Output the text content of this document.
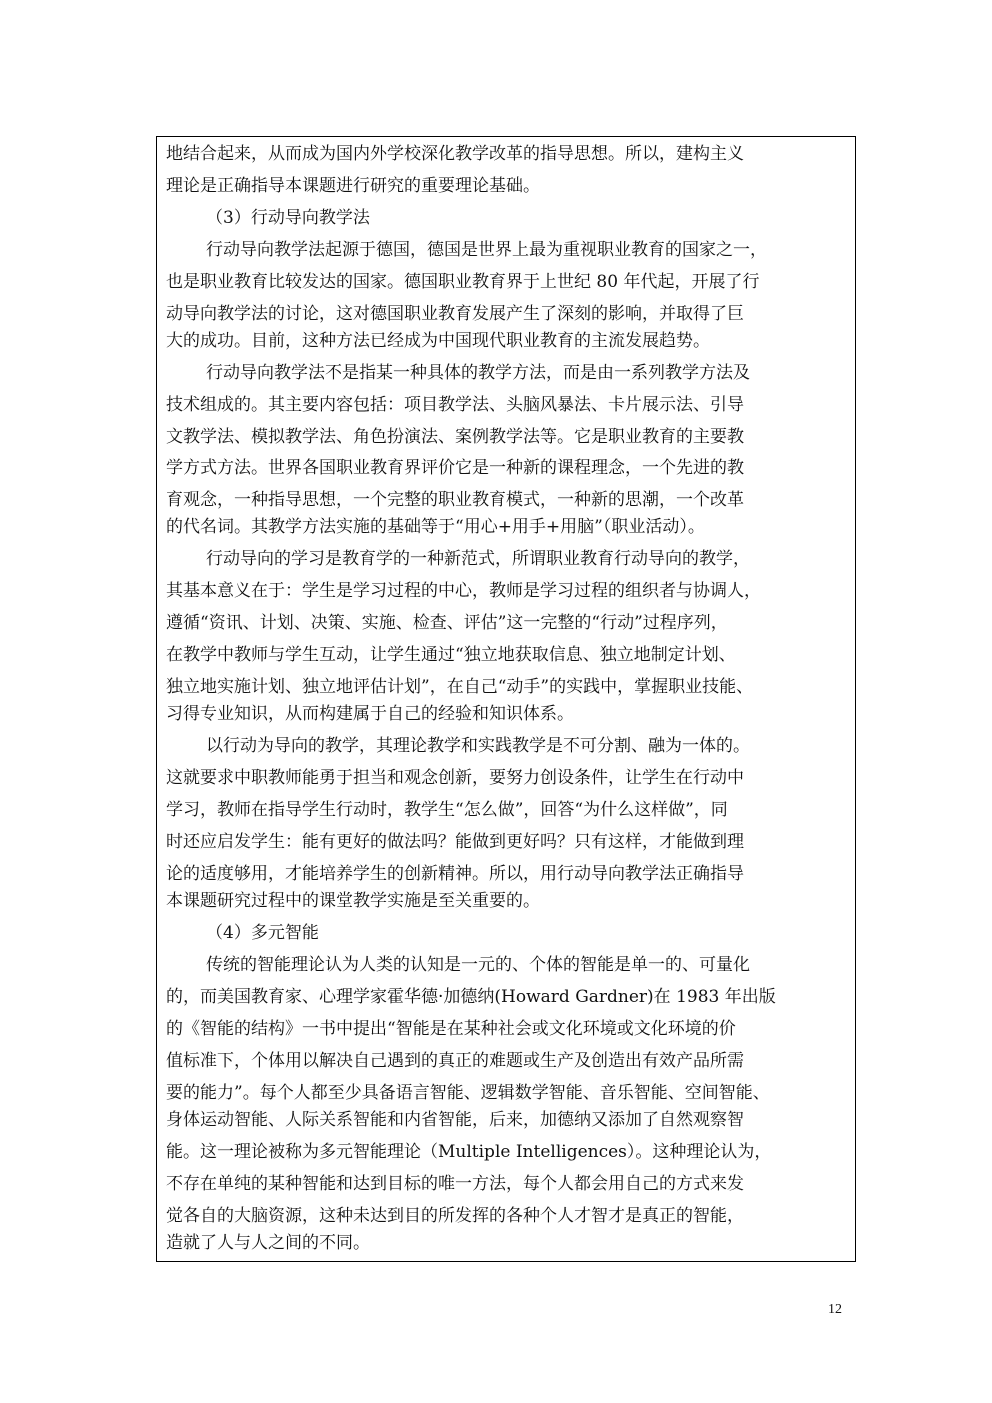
地结合起来，从而成为国内外学校深化教学改革的指导思想。所以，建构主义
理论是正确指导本课题进行研究的重要理论基础。
（3）行动导向教学法
行动导向教学法起源于德国，德国是世界上最为重视职业教育的国家之一，
也是职业教育比较发达的国家。德国职业教育界于上世纪 80 年代起，开展了行
动导向教学法的讨论，这对德国职业教育发展产生了深刻的影响，并取得了巨
大的成功。目前，这种方法已经成为中国现代职业教育的主流发展趋势。
行动导向教学法不是指某一种具体的教学方法，而是由一系列教学方法及
技术组成的。其主要内容包括：项目教学法、头脑风暴法、卡片展示法、引导
文教学法、模拟教学法、角色扮演法、案例教学法等。它是职业教育的主要教
学方式方法。世界各国职业教育界评价它是一种新的课程理念，一个先进的教
育观念，一种指导思想，一个完整的职业教育模式，一种新的思潮，一个改革
的代名词。其教学方法实施的基础等于“用心+用手+用脑”（职业活动）。
行动导向的学习是教育学的一种新范式，所谓职业教育行动导向的教学，
其基本意义在于：学生是学习过程的中心，教师是学习过程的组织者与协调人，
遵循“资讯、计划、决策、实施、检查、评估”这一完整的“行动”过程序列，
在教学中教师与学生互动，让学生通过“独立地获取信息、独立地制定计划、
独立地实施计划、独立地评估计划”，在自己“动手”的实践中，掌握职业技能、
习得专业知识，从而构建属于自己的经验和知识体系。
以行动为导向的教学，其理论教学和实践教学是不可分割、融为一体的。
这就要求中职教师能勇于担当和观念创新，要努力创设条件，让学生在行动中
学习，教师在指导学生行动时，教学生“怎么做”，回答“为什么这样做”，同
时还应启发学生：能有更好的做法吗？能做到更好吗？只有这样，才能做到理
论的适度够用，才能培养学生的创新精神。所以，用行动导向教学法正确指导
本课题研究过程中的课堂教学实施是至关重要的。
（4）多元智能
传统的智能理论认为人类的认知是一元的、个体的智能是单一的、可量化
的，而美国教育家、心理学家霍华德·加德纳(Howard Gardner)在 1983 年出版
的《智能的结构》一书中提出“智能是在某种社会或文化环境或文化环境的价
值标准下，个体用以解决自己遇到的真正的难题或生产及创造出有效产品所需
要的能力”。每个人都至少具备语言智能、逻辑数学智能、音乐智能、空间智能、
身体运动智能、人际关系智能和内省智能，后来，加德纳又添加了自然观察智
能。这一理论被称为多元智能理论（Multiple Intelligences）。这种理论认为，
不存在单纯的某种智能和达到目标的唯一方法，每个人都会用自己的方式来发
觉各自的大脑资源，这种未达到目的所发挥的各种个人才智才是真正的智能，
造就了人与人之间的不同。
12
